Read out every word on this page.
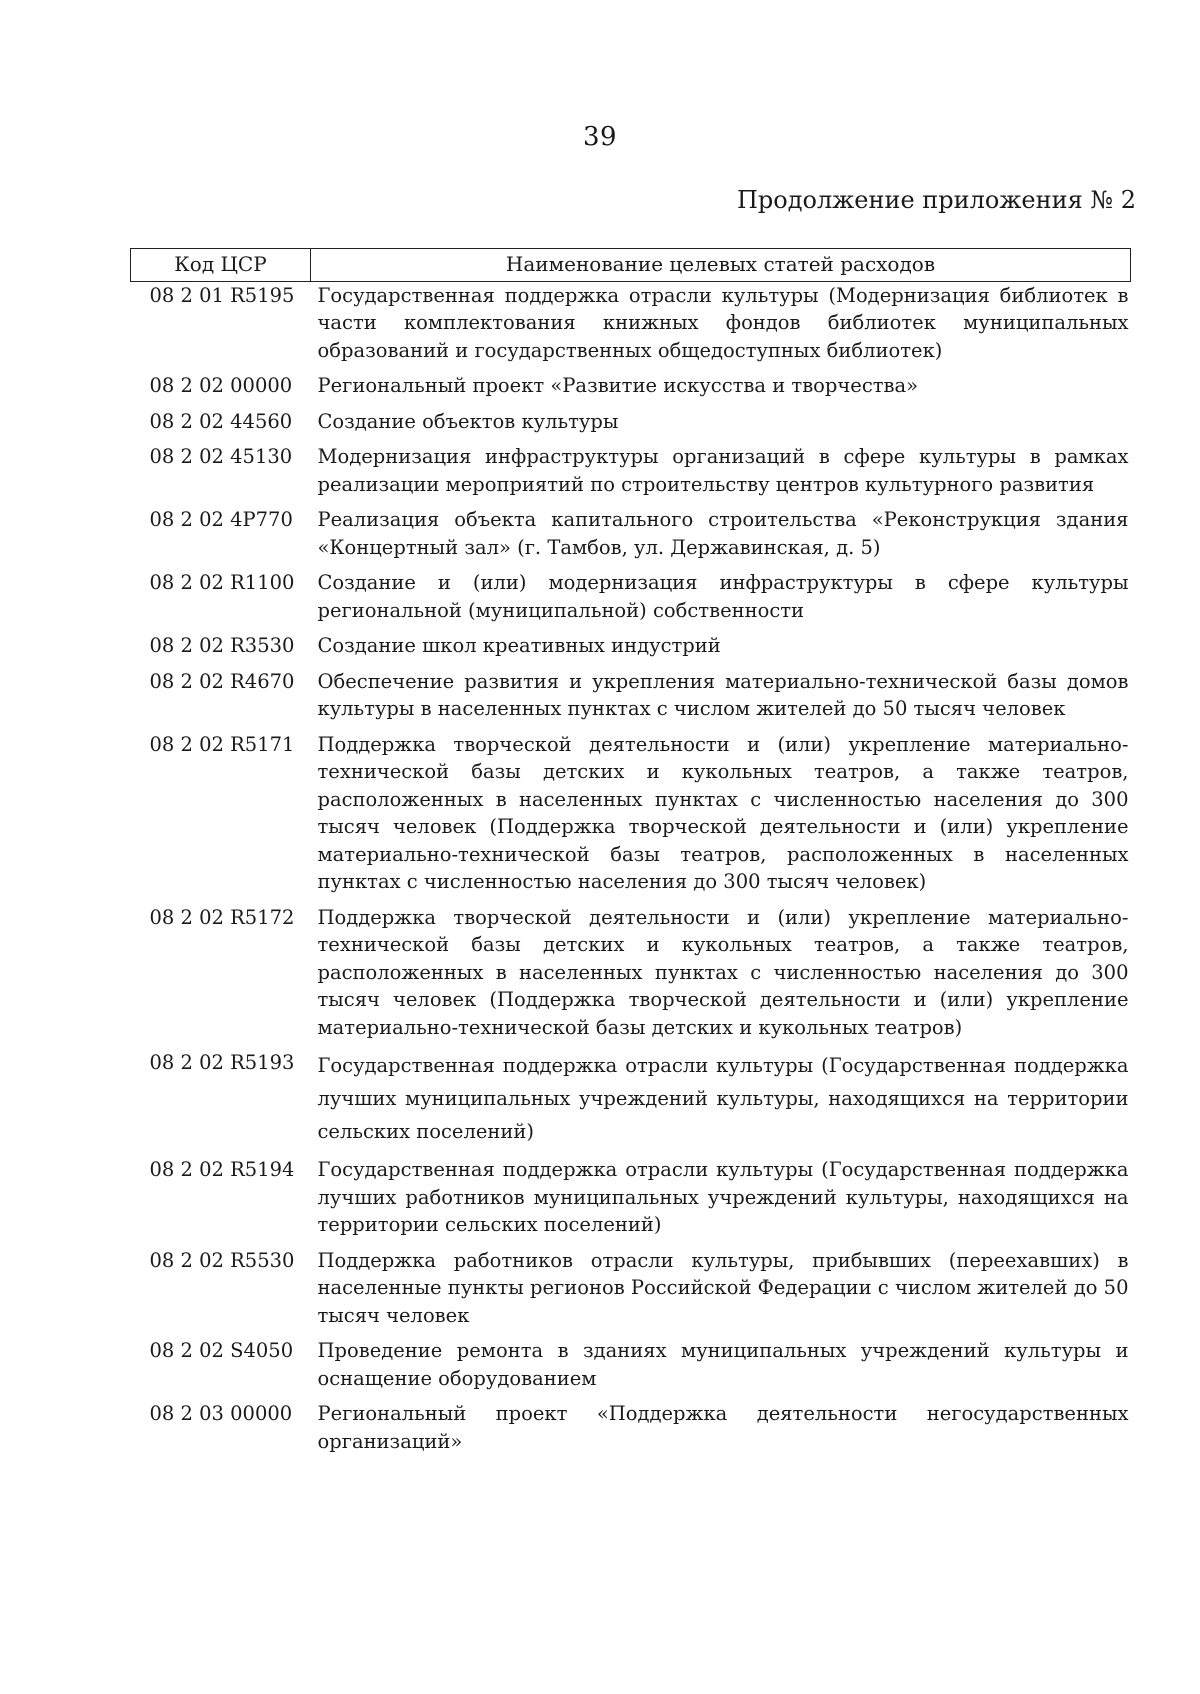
39
Продолжение приложения № 2
Код ЦСР	Наименование целевых статей расходов
08 2 01 R5195	Государственная поддержка отрасли культуры (Модернизация библиотек в части комплектования книжных фондов библиотек муниципальных образований и государственных общедоступных библиотек)
08 2 02 00000	Региональный проект «Развитие искусства и творчества»
08 2 02 44560	Создание объектов культуры
08 2 02 45130	Модернизация инфраструктуры организаций в сфере культуры в рамках реализации мероприятий по строительству центров культурного развития
08 2 02 4Р770	Реализация объекта капитального строительства «Реконструкция здания «Концертный зал» (г. Тамбов, ул. Державинская, д. 5)
08 2 02 R1100	Создание и (или) модернизация инфраструктуры в сфере культуры региональной (муниципальной) собственности
08 2 02 R3530	Создание школ креативных индустрий
08 2 02 R4670	Обеспечение развития и укрепления материально-технической базы домов культуры в населенных пунктах с числом жителей до 50 тысяч человек
08 2 02 R5171	Поддержка творческой деятельности и (или) укрепление материально-технической базы детских и кукольных театров, а также театров, расположенных в населенных пунктах с численностью населения до 300 тысяч человек (Поддержка творческой деятельности и (или) укрепление материально-технической базы театров, расположенных в населенных пунктах с численностью населения до 300 тысяч человек)
08 2 02 R5172	Поддержка творческой деятельности и (или) укрепление материально-технической базы детских и кукольных театров, а также театров, расположенных в населенных пунктах с численностью населения до 300 тысяч человек (Поддержка творческой деятельности и (или) укрепление материально-технической базы детских и кукольных театров)
08 2 02 R5193	Государственная поддержка отрасли культуры (Государственная поддержка лучших муниципальных учреждений культуры, находящихся на территории сельских поселений)
08 2 02 R5194	Государственная поддержка отрасли культуры (Государственная поддержка лучших работников муниципальных учреждений культуры, находящихся на территории сельских поселений)
08 2 02 R5530	Поддержка работников отрасли культуры, прибывших (переехавших) в населенные пункты регионов Российской Федерации с числом жителей до 50 тысяч человек
08 2 02 S4050	Проведение ремонта в зданиях муниципальных учреждений культуры и оснащение оборудованием
08 2 03 00000	Региональный проект «Поддержка деятельности негосударственных организаций»
